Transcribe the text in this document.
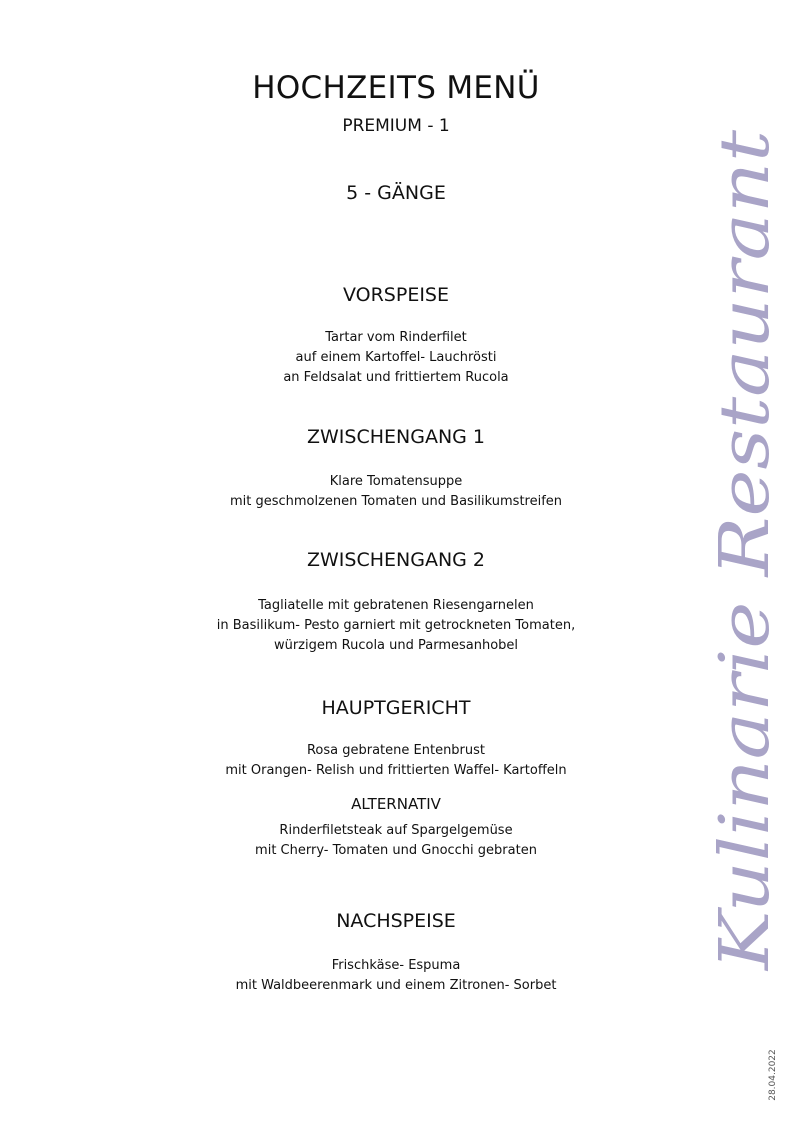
HOCHZEITS MENÜ

PREMIUM - 1

5 - GÄNGE

VORSPEISE

Tartar vom Rinderfilet

auf einem Kartoffel- Lauchrösti

an Feldsalat und frittiertem Rucola

ZWISCHENGANG 1

Klare Tomatensuppe

mit geschmolzenen Tomaten und Basilikumstreifen

ZWISCHENGANG 2

Tagliatelle mit gebratenen Riesengarnelen

in Basilikum- Pesto garniert mit getrockneten Tomaten,

würzigem Rucola und Parmesanhobel

HAUPTGERICHT

Rosa gebratene Entenbrust

mit Orangen- Relish und frittierten Waffel- Kartoffeln

ALTERNATIV

Rinderfiletsteak auf Spargelgemüse

mit Cherry- Tomaten und Gnocchi gebraten

NACHSPEISE

Frischkäse- Espuma

mit Waldbeerenmark und einem Zitronen- Sorbet

Kulinarie Restaurant
28.04.2022
